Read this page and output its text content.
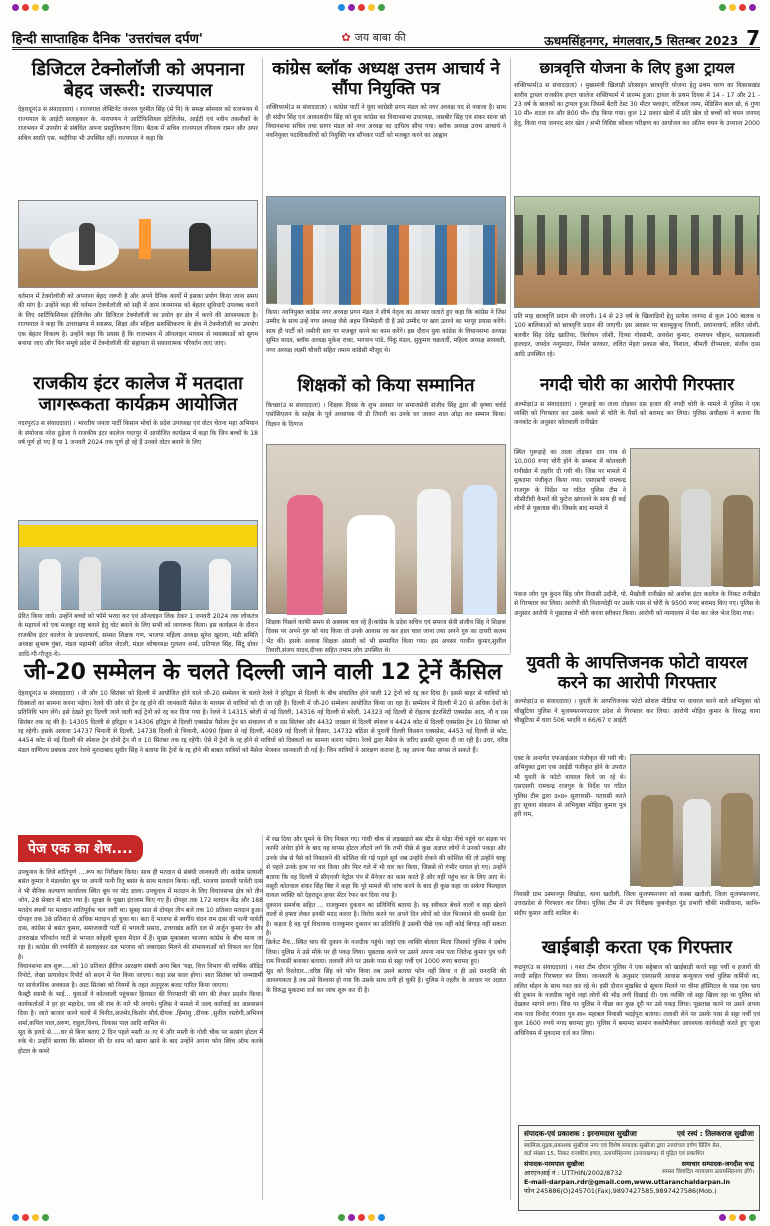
हिन्दी साप्ताहिक दैनिक 'उत्तरांचल दर्पण'	✿ जय बाबा की	ऊधमसिंहनगर, मंगलवार,5 सितम्बर 2023 7
डिजिटल टेक्नोलॉजी को अपनाना बेहद जरूरी: राज्यपाल

देहरादून(उ स संवाददाता) । राज्यपाल लेफ्टिनेंट जनरल गुरमीत सिंह (से नि) के समक्ष सोमवार को राजभवन में राज्यपाल के आईटी सलाहकार के. नारायणन ने आर्टिफिशियल इंटेलिजेंस, आईटी एवं नवीन तकनीकों के राजभवन में उपयोग से संबंधित अपना प्रस्तुतिकरण दिया। बैठक में सचिव राज्यपाल रविनाथ रामन और अपर सचिव स्वाति एस. भदौरिया भी उपस्थित रहीं। राज्यपाल ने कहा कि

वर्तमान में टेक्नोलॉजी को अपनाना बेहद जरूरी है और अपने दैनिक कार्यों में इसका प्रयोग किया जाना समय की मांग है। उन्होंने कहा की वर्तमान टेक्नोलॉजी को सही में आम जनमानस को बेहतर सुविधाएँ उपलब्ध कराने के लिए आर्टिफिशियल इंटेलिजेंस और डिजिटल टेक्नोलॉजी का प्रयोग हर क्षेत्र में करने की आवश्यकता है। राज्यपाल ने कहा कि उत्तराखण्ड में स्वास्थ्य, शिक्षा और महिला सशक्तिकरण के क्षेत्र में टेक्नोलॉजी का उपयोग एक बेहतर विकल्प है। उन्होंने कहा कि प्रयास है कि राजभवन में ऑनलाइन माध्यम से व्यवस्थाओं को सुगम बनाया जाए और फिर समूचे प्रदेश में टेक्नोलॉजी की सहायता से सकारात्मक परिवर्तन लाए जाए।

राजकीय इंटर कालेज में मतदाता जागरूकता कार्यक्रम आयोजित

गदरपुर(उ स संवाददाता) । भारतीय जनता पार्टी किसान मोर्चा के प्रदेश उपाध्यक्ष एवं वोटर चेतना महा अभियान के संयोजक नरेश ठुड़ेजा ने राजकीय इंटर कालेज गदरपुर में आयोजित कार्यक्रम में कहा कि जिन बच्चों के 18 वर्ष पूर्ण हो गए हैं या 1 जनवरी 2024 तक पूर्ण हो रहे हैं उनको वोटर बनाने के लिए

प्रेरित किया जाये। उन्होंने बच्चों को फॉर्म भरवा कर एवं ऑनलाइन लिंक देकर 1 जनवरी 2024 तक लोकतंत्र के महापर्व को एक मजबूत राष्ट्र बनाने हेतु वोट बनाने के लिए सभी को जागरूक किया। इस कार्यक्रम के दौरान राजकीय इंटर कालेज के प्रधानाचार्य, समस्त शिक्षक गण, भाजपा महिला अध्यक्ष सुरेश खुराना, मंडी समिति अध्यक्ष सुभाष गुंबर, मंडल महामंत्री अनिल जेटली, मंडल कोषाध्यक्ष गुलशन शर्मा, प्रतिपाल सिंह, सिंटू ग्रोवर

कांग्रेस ब्लॉक अध्यक्ष उत्तम आचार्य ने सौंपा नियुक्ति पत्र

शक्तिफार्म(उ स संवाददाता) । कांग्रेस पार्टी ने युवा कांग्रेसी प्रगन मंडल को नगर अध्यक्ष पद से नवाजा है। साथ ही संदीप सिंह एवं आकाशदीप सिंह को युवा कांग्रेस का विधानसभा उपाध्यक्ष, जसबीर सिंह एवं शंकर साना को विधानसभा सचिव तथा सागर मंडल को नगर अध्यक्ष का दायित्व सौंपा गया। ब्लॉक अध्यक्ष उत्तम आचार्य ने नवनियुक्त पदाधिकारियों को नियुक्ति पत्र सौंपकर पार्टी को मजबूत करने का आह्वान

किया। नवनियुक्त कांग्रेस नगर अध्यक्ष प्रगन मंडल ने शीर्ष नेतृत्व का आभार जताते हुए कहा कि कांग्रेस ने जिस उम्मीद के साथ उन्हें नगर अध्यक्ष जैसे अहम जिम्मेदारी दी है उसे उम्मीद पर खरा उतरने का भरपूर प्रयास करेंगे। साथ ही पार्टी को जमीनी स्तर पर मजबूत करने का काम करेंगे। इस दौरान युवा कांग्रेस के विधानसभा अध्यक्ष सुमित यादव, ब्लॉक अध्यक्ष मुकेश राका, भगवान पांडे, पिंकू मंडल, सुकुमार चक्रवर्ती, महिला अध्यक्ष सरस्वती, नगर अध्यक्ष लक्ष्मी चौधरी सहित तमाम कांग्रेसी मौजूद थे।

शिक्षकों को किया सम्मानित

किच्छा(उ स संवाददाता) । शिक्षक दिवस के शुभ अवसर पर समाजसेवी संजीव सिंह द्वारा श्री कृष्णा चर्चर्ड एसोसिएशन के साहेब के पूर्व अध्यापक पी डी तिवारी का उनके घर जाकर शाल ओढ़ा कर सम्मान किया। विज्ञान के दिग्गज

शिक्षक पिछले काफी समय से अस्वस्थ चल रहे हैं।कांग्रेस के प्रदेश सचिव एवं समाज सेवी संजीव सिंह ने शिक्षक दिवस पर अपने गुरु को याद किया तो उनके आवास जा कर हाल चाल जाना तथा अपने गुरु का दायरी कलम भेंट की। इसके अलावा शिक्षक अंसारी को भी सम्मानित किया गया। इस अवसर परवीन कुमार,सुशील तिवारी,संजय यादव,दीपक सहित तमाम लोग उपस्थित थे।

छात्रवृत्ति योजना के लिए हुआ ट्रायल

शक्तिफार्म(उ स संवाददाता) । मुख्यमंत्री खिलाड़ी प्रोत्साहन छात्रवृत्ति योजना हेतु प्रथम चरण का विकासखंड स्तरीय ट्रायल राजकीय इण्टर कालेज शक्तिफार्म में प्रारम्भ हुआ। ट्रायल के प्रथम दिवस में 14 - 17 और 21 - 23 वर्ष के बालकों का ट्रायल हुआ जिसमें बैटरी टेस्ट 30 मीटर फ्लाइंग, वर्टिकल जम्प, मेडिसिन बाल थ्रो, 6 गुणा 10 मी० शटल रन और 800 मी० दौड़ किया गया। कुल 12 प्रकार खेलों में प्रति खेल दो बच्चों को चयन जनपद हेतु, किया गया जनपद स्तर खेल / सभी विशिष्ट कौशल परीक्षण का आयोजन कर अंतिम चयन के उपरान्त 2000

प्रति माह छात्रवृत्ति प्रदान की जाएगी। 14 से 23 वर्ष के खिलाड़ियों हेतु प्रत्येक जनपद से कुल 100 बालक व 100 बालिकाओं को छात्रवृत्ति प्रदान की जाएगी। इस अवसर पर बालमुकुन्द तिवारी, प्रधानाचार्य, ललित जोशी, बलवीर सिंह देवेंद्र खातिया, त्रिलोचन जोशी, दिव्या गोस्वामी, अवधेश कुमार, रामवचन चौहान, सत्यप्रकाशी हालदार, जयदेव नन्दुमदार, निर्मल सरकार, ललित मेहरा प्रकाश बोरा, विशाल, श्रीमती दीपमाला, संजीव दास आदि उपस्थित रहे।

नगदी चोरी का आरोपी गिरफ्तार

अल्मोड़ा(उ स संवाददाता) । गुरूड़ाहे का ताला तोड़कर दस हजार की नगदी चोरी के मामले में पुलिस ने एक व्यक्ति को गिरफ्तार कर उसके कब्जे से चोरी के पैसों को बरामद कर लिया। पुलिस अधीक्षक ने बताया कि जनकोट के अनुसार कोतवाली रानीखेत

स्थित गुरूड़ाहे का ताला तोड़कर दान पात्र से 10,000 रुपए चोरी होने के सम्बन्ध में कोतवाली रानीखेत में तहरीर दी गयी थी। जिस पर मामले में मुकदमा पंजीकृत किया गया। एसएसपी रामचन्द्र राजगुरु के निर्देश पर गठित पुलिस टीम ने सीसीटीवी कैमरों की फुटेज खंगालने के साथ ही कई लोगों से पूछताछ की। जिसके बाद मामले में

पंकज जोग पुत्र कुंदन सिंह जोग निवासी उदौनी, पो. मैखोली रानीखेत को अशोक इंटर कालेज के निकट रानीखेत से गिरफ्तार कर लिया। आरोपी की निशानदेही पर उसके पास से चोरी के 9500 रुपए बरामद किए गए। पुलिस के अनुसार आरोपी ने पूछताछ में चोरी करना स्वीकार किया। आरोपी को न्यायालय में पेश कर जेल भेज दिया गया।

जी-20 सम्मेलन के चलते दिल्ली जाने वाली 12 ट्रेनें कैंसिल

देहरादून(उ स संवाददाता) । नौ और 10 सितंबर को दिल्ली में आयोजित होने वाले जी-20 सम्मेलन के चलते रेलवे ने हरिद्वार से दिल्ली के बीच संचालित होने वाली 12 ट्रेनों को रद्द कर दिया है। इससे बाहर से यात्रियों को दिक्कतों का सामना करना पड़ेगा। रेलवे की ओर से ट्रेन रद्द होने की जानकारी मैसेज के माध्यम से यात्रियों को दी जा रही है। दिल्ली में जी-20 सम्मेलन आयोजित किया जा रहा है। सम्मेलन में दिल्ली में 20 से अधिक देशों के प्रतिनिधि भाग लेंगे। इसे देखते हुए दिल्ली जाने वाली कई ट्रेनों को रद्द कर दिया गया है। रेलवे ने 14315 बरेली से नई दिल्ली, 14316 नई दिल्ली से बरेली, 14323 नई दिल्ली से रोहतक इंटरसिटी एक्सप्रेस आठ, नौ व दस सितंबर तक रद्द की है। 14305 दिल्ली से हरिद्वार व 14306 हरिद्वार से दिल्ली एक्सप्रेस पैसेंजर ट्रेन का संचालन नौ व दस सितंबर और 4432 जाखल से दिल्ली स्पेशल व 4424 कोट से दिल्ली एक्सप्रेस ट्रेन 10 सितंबर को रद्द रहेगी। इसके अलावा 14737 भिवानी से दिल्ली, 14738 दिल्ली से भिवानी, 4090 हिसार से नई दिल्ली, 4089 नई दिल्ली से हिसार, 14732 बठिंडा से पुरानी दिल्ली किसान एक्सप्रेस, 4453 नई दिल्ली से कोट, 4454 कोट से नई दिल्ली की स्पेशल ट्रेन दोनों ट्रेन नौ व 10 सितंबर तक रद्द रहेंगी। ऐसे में ट्रेनों के रद्द होने से यात्रियों को दिक्कतों का सामना करना पड़ेगा। रेलवे द्वारा मैसेज के जरिए इसकी सूचना दी जा रही है। उधर, वरिष्ठ मंडल वाणिज्य प्रबंधक उत्तर रेलवे मुरादाबाद सुधीर सिंह ने बताया कि ट्रेनों के रद्द होने की बाबत यात्रियों को मैसेज भेजकर जानकारी दी गई है। जिन यात्रियों ने आरक्षण कराया है, वह अपना पैसा वापस ले सकते हैं।

युवती के आपत्तिजनक फोटो वायरल करने का आरोपी गिरफ्तार

अल्मोड़ा(उ स संवाददाता) । युवती के आपत्तिजनक फोटो सोशल मीडिया पर वायरल करने वाले अभियुक्त को चौखुटिया पुलिस ने मुजफ्फरनगरउत्तर प्रदेश से गिरफ्तार कर लिया। आरोपी मोहित कुमार के विरुद्ध थाना चौखुटिया में धारा 506 भादवि व 66/67 ए आईटी

एक्ट के अन्तर्गत एफआईआर पंजीकृत की गयी थी। अभियुक्त द्वारा एक आईडी पंजीकृत होने के उपरांत भी युवती के फोटो वायरल किये जा रहे थे। एसएसपी रामचन्द्र राजगुरु के निर्देश पर गठित पुलिस टीम द्वारा उ०प्र० सुराग़रसी- पतारसी करते हुए सूचना संकलन से अभियुक्त मोहित कुमार पुत्र हरी राम,

निवासी ग्राम उस्मानपुर शिखोड़ा, थाना खतौली, जिला मुजफ्फरनगर को कस्बा खतौली, जिला मुजफ्फरनगर, उत्तरप्रदेश से गिरफ्तार कर लिया। पुलिस टीम में उप निरीक्षक कुबनोहत पुंड प्रभारी चौकी मासीधाना, कानि० संदीप कुमार आदि शामिल थे।

खाईबाड़ी करता एक गिरफ्तार

रूद्रपुर(उ स संवाददाता) । गश्त टीम दौरान पुलिस ने एक सट्टेबाज को खाईबाड़ी करते सट्टा पर्ची व हजारों की नगदी सहित गिरफ्तार कर लिया। जानकारी के अनुसार एसएसपी आवास कन्युवाज चर्चा पुलिस कर्मियों का, ललित मोहन के साथ गश्त कर रहे थे। इसी दौरान मुखबिर से सूचना मिलने पर चीमा हॉस्पिटल के पास एक चाय की दुकान के नजदीक पहुंचे जहां लोगों की भीड़ लगी दिखाई दी। एक व्यक्ति जो सट्टा खिला रहा था पुलिस को देखकर भागने लगा। जिस पर पुलिस ने पीछा कर कुछ दूरी पर उसे पकड़ लिया। पूछताछ करने पर उसने अपना नाम पता विनोद गंगवार पुत्र स्व० महाबल निवासी भदईपुरा बताया। तलाशी लेने पर उसके पास से सट्टा पर्ची एवं कुल 1600 रुपये नगद बरामद हुए। पुलिस ने बमामद सामान कब्जेमैलेकर आवश्यक कार्यवाही करते हुए जुआ अधिनियम में मुकदमा दर्ज कर लिया।

पेज एक का शेष....

उपचुनाव के लिये शांतिपूर्ण ....रूप का निरीक्षण किया। साथ ही मतदान से संबंधी जानकारी ली। कांग्रेस प्रत्याशी बसंत कुमार ने मंडलसेरा बूथ पर अपनी पत्नी रितु बसंत के साथ मतदान किया। वहीं, भाजपा प्रत्याशी पार्वती दास ने भी सैनिक कल्याण कार्यालय स्थित बूथ पर वोट डाला। उपचुनाव में मतदान के लिए विधानसभा क्षेत्र को तीन जोन, 28 सेक्टर में बांटा गया है। सुरक्षा के पुख्ता इंतजाम किए गए हैं। दोपहर तक 172 मतदान केंद्र और 188 मतदेय स्थलों पर मतदान शांतिपूर्वक चल जारी था। सुबह सात से दोपहर तीन बजे तक 10 प्रतिशत मतदान हुआ। दोपहर तक 38 प्रतिशत से अधिक मतदान हो चुका था। बता दें भाजपा से स्वर्गीय चंदन राम दास की पत्नी पार्वती दास, कांग्रेस से बसंत कुमार, समाजवादी पार्टी से भगवती प्रसाद, उत्तराखंड क्रांति दल से अर्जुन कुमार देव और उत्तराखंड परिवर्तन पार्टी से भगवत कोहली चुनाव मैदान में हैं। मुख्य मुकाबला भाजपा कांग्रेस के बीच माना जा रहा है। कांग्रेस की रणनीति से सलाहकार दल भाजपा को जबरदस्त मिलने की संभावनाओं को विफल कर दिया है।
विधानसभा सत्र शुरू.....को 10 प्रतिशत क्षैतिज आरक्षण संबंधी अन्य बिल 'यक्ष, वित्त विभाग की वार्षिक ऑडिट रिपोर्ट, लेखा प्रत्यावेदन रिपोर्ट को सदन में पेश किया जाएगा। कहा प्रश्न काल होगा। सात सितंबर को जन्माष्टमी पर सार्वजनिक अवकाश है। आठ सितंबर को नियमों के तहत अनुपूरक बजट पारित किया जाएगा।
फैक्ट्री स्वामी के भाई... युवाओं ने कोतवाली पहुंचकर हिरासत की गिरफ्तारी की मांग की लेकर प्रदर्शन किया। कार्यकर्ताओं ने हर हर महादेव, जय श्री राम के नारे भी लगाये। पुलिस ने मामले में जल्द कार्रवाई का आश्वासन दिया है। जाते बाजार करने वालों में विनीत,अजमेर,किशोर मौर्य,दीपक ,हिमांशु ,दीपक ,सुनील रस्तोगी,अभिनव शर्मा,कपिल पाल,अरुण, राहुल,विनय, विकास पाल आदि शामिल थे।
सूद के इरादे से.....घर से बिना बताए 2 दिन पहले मस्ती अाए थे और मस्ती के गोवी चौक पर सत्संग होटल में रुके थे। उन्होंने बताया कि सोमवार की देर शाम को खाना खाने के बाद उन्होंने अपना फोन स्विच ऑफ करके होटल के कमरे

में रख दिया और घूमने के लिए निकल गए। गांधी चौक से लड़खड़ाते बस स्टैंड से थोड़ा नीचे पहुंचे घर सड़क पर काफी अंधेरा होने के बाद वह वापस होटल लौटने लगे कि तभी पीछे से कुछ अज्ञात लोगों ने उनको पकड़ा और उनके जेब से पैसे को निकालने की कोशिश की गई पहले सूर्य जब उन्होंने रोकने की कोशिश की तो उन्होंने चाकू से पहले उनके हाथ पर वार किया और फिर गले में भी वार कर किया, जिससे वो गंभीर घायल हो गए। उन्होंने बताया कि वह दिल्ली में सीएनजी पेट्रोल पंप में मैनेजर का काम करते हैं और वहीं पहुंच कर के लिए आए थे। मसूरी कोतवाल शंकर सिंह बिष्ट ने कहा कि पूरे मामले की जांच करने के बाद ही कुछ कहा जा सकेगा फिलहाल घायल व्यक्ति को देहरादून हायर सेंटर रेफर कर दिया गया है।
दुकरान समर्थक सहित ... राजकुमार दुकरान का प्रतिनिधि बताया है। वह स्वीकार बेचने वालों व सट्टा खेलने वालों से हफ्ता लेकर इनकी मदद करता है। विरोध करने पर अपने दिन लोगों को जेल भिजवाने की धमकी देता है। कहता है वह पूर्व विधायक राजकुमार दुकरान का प्रतिनिधि है उसकी पीछे एक नहीं कोई बिगाड़ नहीं सकता है।
क्रिकेट मैच...स्थित चाय की दुकान के नजदीक पहुंचे। जहां एक व्यक्ति बोलता मिला जिसको पुलिस ने दबोच लिया। पुलिस ने उसे मौके पर ही पकड़ लिया। पूछताछ करने पर उसने अपना नाम पता जितेन्द्र कुमार पुत्र धनी राम निवासी बनाकर बताया। तलाशी लेने पर उसके पास से सट्टा पर्ची एवं 1000 रुपए बरामद हुए।
सूद को रिश्तेदार...वरिष्ठ सिंह को फोन किया तब उसने बताया फोन नहीं किया न ही उसे धनराशि की आवश्यकता है तब उसे विश्वास हो गया कि उसके साथ ठगी हो चुकी है। पुलिस ने तहरीर के आधार पर अज्ञात के विरुद्ध मुकदमा दर्ज कर जांच शुरू कर दी है।

संपादक-एवं प्रकाशक : इरनामदास सुखीजा	एवं रस्यं : तिलकराज सुखीजा
स्वामित्व,मुद्रक,प्रकाशक सुखीजा नगर एवं विशेष संपादक सुखीजा द्वारा उत्तरांचल दर्पण प्रिंटिंग प्रेस,
वार्ड संख्या 15, निकट राजकीय इण्टर, ऊधमसिंहनगर (उत्तराखण्ड) से मुद्रित एवं प्रकाशित
संपादक-परमपाल सुखीजा	समाचार सम्पादक-जगदीश चन्द्र
आरएनआई नं : UTTHIN/2002/8732	समस्त विवादित न्यायालय ऊधमसिंहनगर होंगे।
E-mail-darpan.rdr@gmail.com,www.uttaranchaldarpan.in
फोन 245886(O)245701(Fax),9897427585,9897427586(Mob.)
